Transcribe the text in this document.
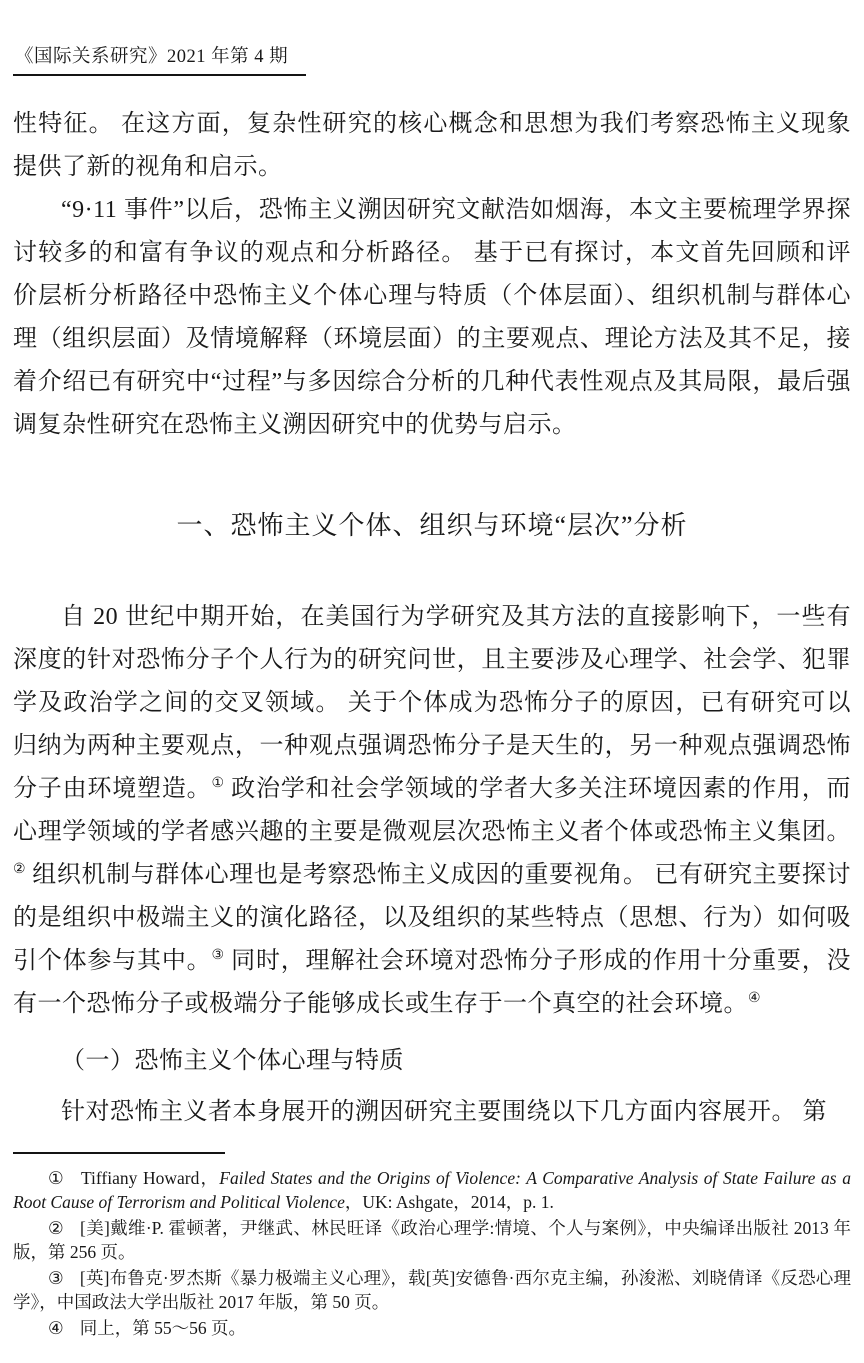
《国际关系研究》2021 年第 4 期

性特征。 在这方面，复杂性研究的核心概念和思想为我们考察恐怖主义现象提供了新的视角和启示。

“9·11 事件”以后，恐怖主义溯因研究文献浩如烟海，本文主要梳理学界探讨较多的和富有争议的观点和分析路径。 基于已有探讨，本文首先回顾和评价层析分析路径中恐怖主义个体心理与特质（个体层面）、组织机制与群体心理（组织层面）及情境解释（环境层面）的主要观点、理论方法及其不足，接着介绍已有研究中“过程”与多因综合分析的几种代表性观点及其局限，最后强调复杂性研究在恐怖主义溯因研究中的优势与启示。

一、恐怖主义个体、组织与环境“层次”分析

自 20 世纪中期开始，在美国行为学研究及其方法的直接影响下，一些有深度的针对恐怖分子个人行为的研究问世，且主要涉及心理学、社会学、犯罪学及政治学之间的交叉领域。 关于个体成为恐怖分子的原因，已有研究可以归纳为两种主要观点，一种观点强调恐怖分子是天生的，另一种观点强调恐怖分子由环境塑造。① 政治学和社会学领域的学者大多关注环境因素的作用，而心理学领域的学者感兴趣的主要是微观层次恐怖主义者个体或恐怖主义集团。② 组织机制与群体心理也是考察恐怖主义成因的重要视角。 已有研究主要探讨的是组织中极端主义的演化路径，以及组织的某些特点（思想、行为）如何吸引个体参与其中。③ 同时，理解社会环境对恐怖分子形成的作用十分重要，没有一个恐怖分子或极端分子能够成长或生存于一个真空的社会环境。④

（一）恐怖主义个体心理与特质

针对恐怖主义者本身展开的溯因研究主要围绕以下几方面内容展开。 第

① Tiffiany Howard，Failed States and the Origins of Violence: A Comparative Analysis of State Failure as a Root Cause of Terrorism and Political Violence，UK: Ashgate，2014，p. 1.

② [美]戴维·P. 霍顿著，尹继武、林民旺译《政治心理学:情境、个人与案例》，中央编译出版社 2013 年版，第 256 页。

③ [英]布鲁克·罗杰斯《暴力极端主义心理》，载[英]安德鲁·西尔克主编，孙浚淞、刘晓倩译《反恐心理学》，中国政法大学出版社 2017 年版，第 50 页。

④ 同上，第 55～56 页。
